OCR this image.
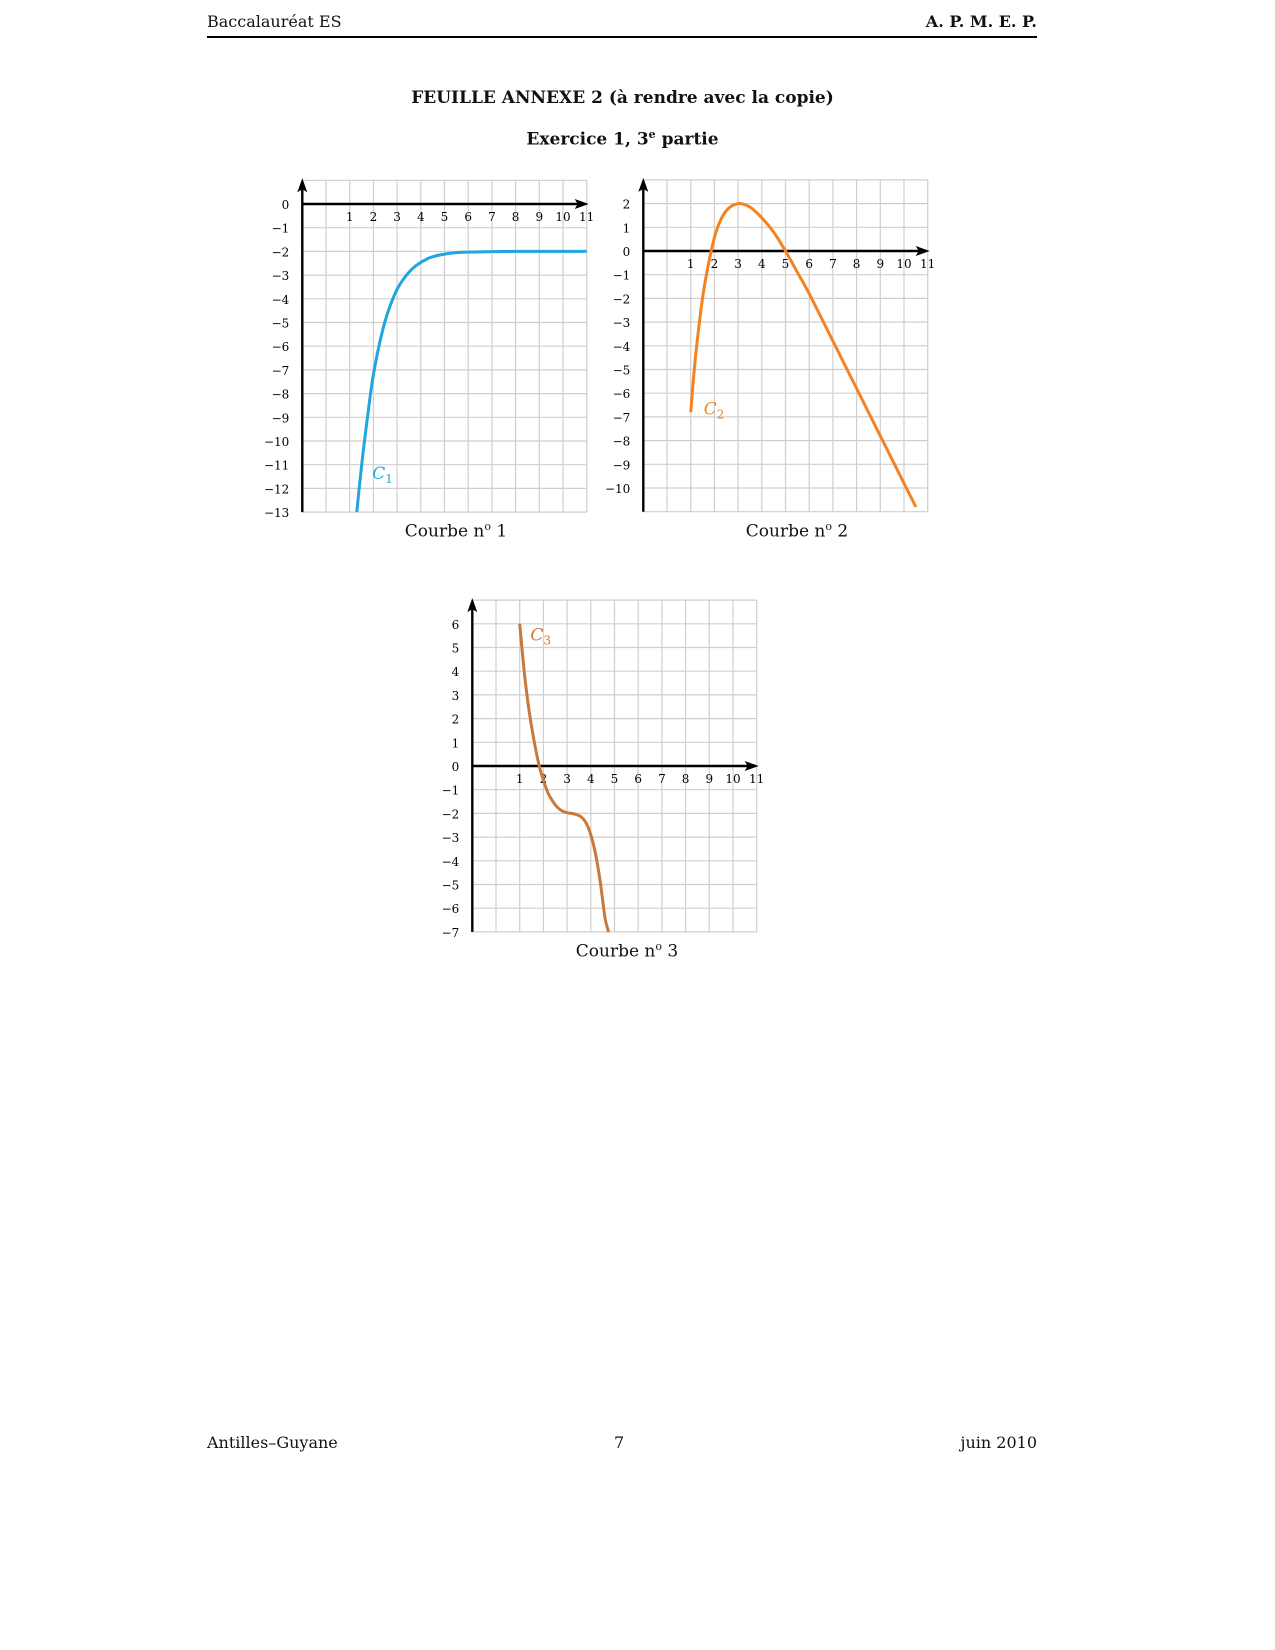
Baccalauréat ES	A. P. M. E. P.
FEUILLE ANNEXE 2 (à rendre avec la copie)
Exercice 1, 3e partie
1 2 3 4 5 6 7 8 9 10 11
0
−1
−2
−3
−4
−5
−6
−7
−8
−9
−10
−11
−12
−13
$C_1$
Courbe $n^o$ 1
1 2 3 4 5 6 7 8 9 10 11
2
1
0
−1
−2
−3
−4
−5
−6
−7
−8
−9
−10
$C_2$
Courbe $n^o$ 2
1 2 3 4 5 6 7 8 9 10 11
6
5
4
3
2
1
0
−1
−2
−3
−4
−5
−6
−7
$C_3$
Courbe $n^o$ 3
Antilles–Guyane	7	juin 2010
